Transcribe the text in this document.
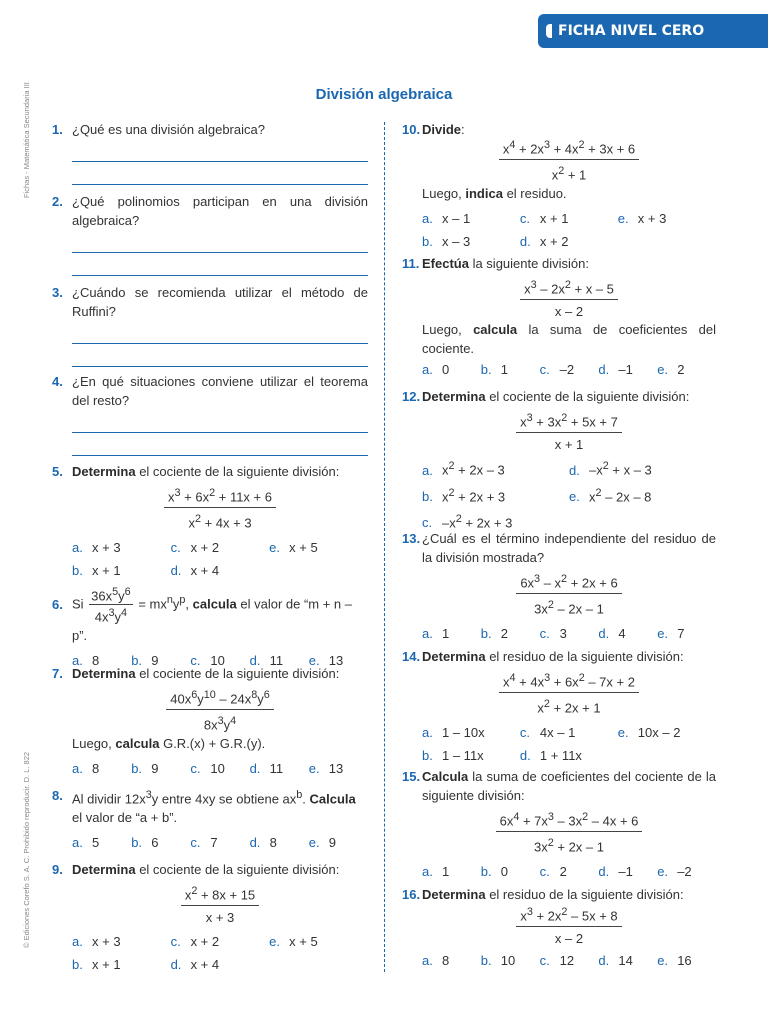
FICHA NIVEL CERO
Fichas - Matemática Secundaria III
© Ediciones Corefo S. A. C. Prohibido reproducir. D. L. 822
División algebraica
1. ¿Qué es una división algebraica?
2. ¿Qué polinomios participan en una división algebraica?
3. ¿Cuándo se recomienda utilizar el método de Ruffini?
4. ¿En qué situaciones conviene utilizar el teorema del resto?
5. Determina el cociente de la siguiente división:
$x^3 + 6x^2 + 11x + 6$
$x^2 + 4x + 3$
a. x + 3	c. x + 2	e. x + 5
b. x + 1	d. x + 4
6. Si $\frac{36x^5y^6}{4x^3y^4} = mx^ny^p$, calcula el valor de “m + n – p”.
a. 8	b. 9	c. 10	d. 11	e. 13
7. Determina el cociente de la siguiente división:
$40x^6y^{10} - 24x^8y^6$
$8x^3y^4$
Luego, calcula G.R.(x) + G.R.(y).
a. 8	b. 9	c. 10	d. 11	e. 13
8. Al dividir $12x^3y$ entre 4xy se obtiene $ax^b$. Calcula
el valor de “a + b”.
a. 5	b. 6	c. 7	d. 8	e. 9
9. Determina el cociente de la siguiente división:
$x^2 + 8x + 15$
x + 3
a. x + 3	c. x + 2	e. x + 5
b. x + 1	d. x + 4
10. Divide:
$x^4 + 2x^3 + 4x^2 + 3x + 6$
$x^2 + 1$
Luego, indica el residuo.
a. x – 1	c. x + 1	e. x + 3
b. x – 3	d. x + 2
11. Efectúa la siguiente división:
$x^3 - 2x^2 + x - 5$
x – 2
Luego, calcula la suma de coeficientes del cociente.
a. 0	b. 1	c. –2	d. –1	e. 2
12. Determina el cociente de la siguiente división:
$x^3 + 3x^2 + 5x + 7$
x + 1
a. $x^2 + 2x - 3$	d. $-x^2 + x - 3$
b. $x^2 + 2x + 3$	e. $x^2 - 2x - 8$
c. $-x^2 + 2x + 3$
13. ¿Cuál es el término independiente del residuo de la división mostrada?
$6x^3 - x^2 + 2x + 6$
$3x^2 - 2x - 1$
a. 1	b. 2	c. 3	d. 4	e. 7
14. Determina el residuo de la siguiente división:
$x^4 + 4x^3 + 6x^2 - 7x + 2$
$x^2 + 2x + 1$
a. 1 – 10x	c. 4x – 1	e. 10x – 2
b. 1 – 11x	d. 1 + 11x
15. Calcula la suma de coeficientes del cociente de la siguiente división:
$6x^4 + 7x^3 - 3x^2 - 4x + 6$
$3x^2 + 2x - 1$
a. 1	b. 0	c. 2	d. –1	e. –2
16. Determina el residuo de la siguiente división:
$x^3 + 2x^2 - 5x + 8$
x – 2
a. 8	b. 10	c. 12	d. 14	e. 16
